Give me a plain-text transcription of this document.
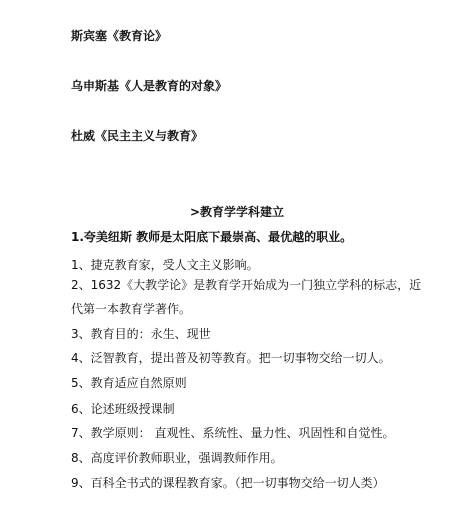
斯宾塞《教育论》
乌申斯基《人是教育的对象》
杜威《民主主义与教育》
>教育学学科建立
1.夸美纽斯 教师是太阳底下最崇高、最优越的职业。
1、捷克教育家，受人文主义影响。
2、1632《大教学论》是教育学开始成为一门独立学科的标志，近代第一本教育学著作。
3、教育目的：永生、现世
4、泛智教育，提出普及初等教育。把一切事物交给一切人。
5、教育适应自然原则
6、论述班级授课制
7、教学原则： 直观性、系统性、量力性、巩固性和自觉性。
8、高度评价教师职业，强调教师作用。
9、百科全书式的课程教育家。（把一切事物交给一切人类）
